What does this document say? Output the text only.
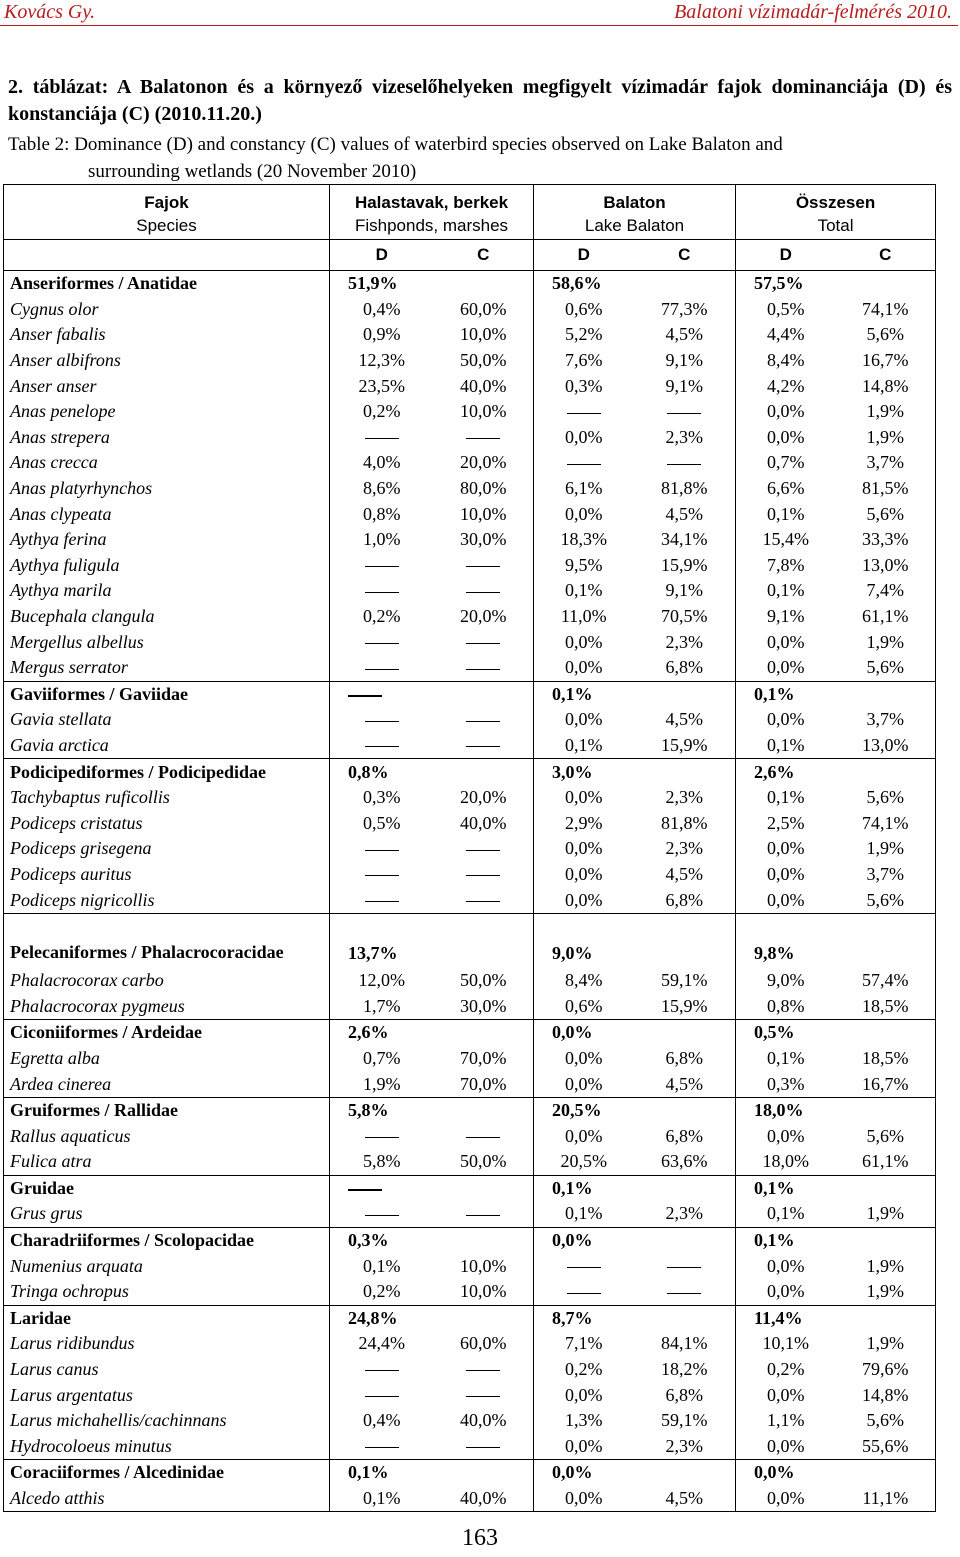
Kovács Gy.	Balatoni vízimadár-felmérés 2010.
2. táblázat: A Balatonon és a környező vizeselőhelyeken megfigyelt vízimadár fajok dominanciája (D) és konstanciája (C) (2010.11.20.)
Table 2: Dominance (D) and constancy (C) values of waterbird species observed on Lake Balaton and
surrounding wetlands (20 November 2010)
Fajok	Halastavak, berkek		Balaton		Összesen	
Species	Fishponds, marshes		Lake Balaton		Total	
	D	C	D	C	D	C
Anseriformes / Anatidae	51,9%		58,6%		57,5%	
Cygnus olor	0,4%	60,0%	0,6%	77,3%	0,5%	74,1%
Anser fabalis	0,9%	10,0%	5,2%	4,5%	4,4%	5,6%
Anser albifrons	12,3%	50,0%	7,6%	9,1%	8,4%	16,7%
Anser anser	23,5%	40,0%	0,3%	9,1%	4,2%	14,8%
Anas penelope	0,2%	10,0%			0,0%	1,9%
Anas strepera			0,0%	2,3%	0,0%	1,9%
Anas crecca	4,0%	20,0%			0,7%	3,7%
Anas platyrhynchos	8,6%	80,0%	6,1%	81,8%	6,6%	81,5%
Anas clypeata	0,8%	10,0%	0,0%	4,5%	0,1%	5,6%
Aythya ferina	1,0%	30,0%	18,3%	34,1%	15,4%	33,3%
Aythya fuligula			9,5%	15,9%	7,8%	13,0%
Aythya marila			0,1%	9,1%	0,1%	7,4%
Bucephala clangula	0,2%	20,0%	11,0%	70,5%	9,1%	61,1%
Mergellus albellus			0,0%	2,3%	0,0%	1,9%
Mergus serrator			0,0%	6,8%	0,0%	5,6%
Gaviiformes / Gaviidae			0,1%		0,1%	
Gavia stellata			0,0%	4,5%	0,0%	3,7%
Gavia arctica			0,1%	15,9%	0,1%	13,0%
Podicipediformes / Podicipedidae	0,8%		3,0%		2,6%	
Tachybaptus ruficollis	0,3%	20,0%	0,0%	2,3%	0,1%	5,6%
Podiceps cristatus	0,5%	40,0%	2,9%	81,8%	2,5%	74,1%
Podiceps grisegena			0,0%	2,3%	0,0%	1,9%
Podiceps auritus			0,0%	4,5%	0,0%	3,7%
Podiceps nigricollis			0,0%	6,8%	0,0%	5,6%
Pelecaniformes / Phalacrocoracidae	13,7%		9,0%		9,8%	
Phalacrocorax carbo	12,0%	50,0%	8,4%	59,1%	9,0%	57,4%
Phalacrocorax pygmeus	1,7%	30,0%	0,6%	15,9%	0,8%	18,5%
Ciconiiformes / Ardeidae	2,6%		0,0%		0,5%	
Egretta alba	0,7%	70,0%	0,0%	6,8%	0,1%	18,5%
Ardea cinerea	1,9%	70,0%	0,0%	4,5%	0,3%	16,7%
Gruiformes / Rallidae	5,8%		20,5%		18,0%	
Rallus aquaticus			0,0%	6,8%	0,0%	5,6%
Fulica atra	5,8%	50,0%	20,5%	63,6%	18,0%	61,1%
Gruidae			0,1%		0,1%	
Grus grus			0,1%	2,3%	0,1%	1,9%
Charadriiformes / Scolopacidae	0,3%		0,0%		0,1%	
Numenius arquata	0,1%	10,0%			0,0%	1,9%
Tringa ochropus	0,2%	10,0%			0,0%	1,9%
Laridae	24,8%		8,7%		11,4%	
Larus ridibundus	24,4%	60,0%	7,1%	84,1%	10,1%	1,9%
Larus canus			0,2%	18,2%	0,2%	79,6%
Larus argentatus			0,0%	6,8%	0,0%	14,8%
Larus michahellis/cachinnans	0,4%	40,0%	1,3%	59,1%	1,1%	5,6%
Hydrocoloeus minutus			0,0%	2,3%	0,0%	55,6%
Coraciiformes / Alcedinidae	0,1%		0,0%		0,0%	
Alcedo atthis	0,1%	40,0%	0,0%	4,5%	0,0%	11,1%
163
